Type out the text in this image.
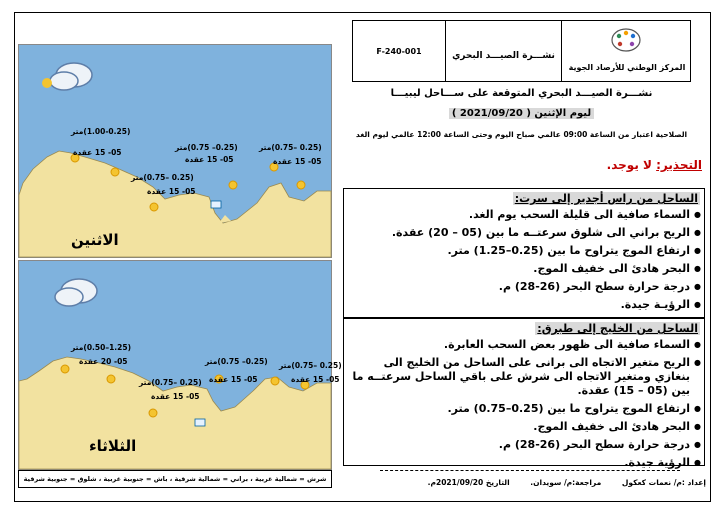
(1.00-0.25)متر
05- 15 عقدة
(0.25– 0.75)متر
05- 15 عقدة
(0.25 –0.75)متر
05- 15 عقدة
(0.25 –0.75)متر
05- 15 عقدة
الاثنين
(1.25–0.50)متر
05- 20 عقدة
(0.25 –0.75)متر
05- 15 عقدة
(0.25– 0.75)متر
05- 15 عقدة
(0.25 –0.75)متر
05- 15 عقدة
الثلاثاء
شرش = شمالية غربية ، براني = شمالية شرقية ، باش = جنوبية غربية ، شلوق = جنوبية شرقية
F-240-001	نشـــرة الصيـــد البحري
المركز الوطني للأرصاد الجوية
نشـــرة الصيـــد البحري المتوقعة على ســـاحل ليبيـــا
ليوم الإثنين ( 2021/09/20 )
الصلاحية اعتبار من الساعة 09:00 عالمي صباح اليوم وحتى الساعة 12:00 عالمي ليوم الغد
التحذير: لا يوجد.
الساحل من راس أجدير إلى سرت:
● السماء صافية الى قليلة السحب يوم الغد.
● الريح براني الى شلوق سرعتــه ما بين (05 – 20) عقدة.
● ارتفاع الموج يتراوح ما بين (0.25–1.25) متر.
● البحر هادئ الى خفيف الموج.
● درجة حرارة سطح البحر (26-28) م.
● الرؤيـة جيدة.
الساحل من الخليج إلى طبرق:
● السماء صافية الى ظهور بعض السحب العابرة.
● الريح متغير الاتجاه الى برانى على الساحل من الخليج الى بنغازي ومتغير الاتجاه الى شرش على باقي الساحل سرعتــه ما بين (05 – 15) عقدة.
● ارتفاع الموج يتراوح ما بين (0.25–0.75) متر.
● البحر هادئ الى خفيف الموج.
● درجة حرارة سطح البحر (26-28) م.
● الرؤية جيدة.
إعداد :م/ نعمات كعكول مراجعة:م/ سويدان. التاريخ 2021/09/20م.
